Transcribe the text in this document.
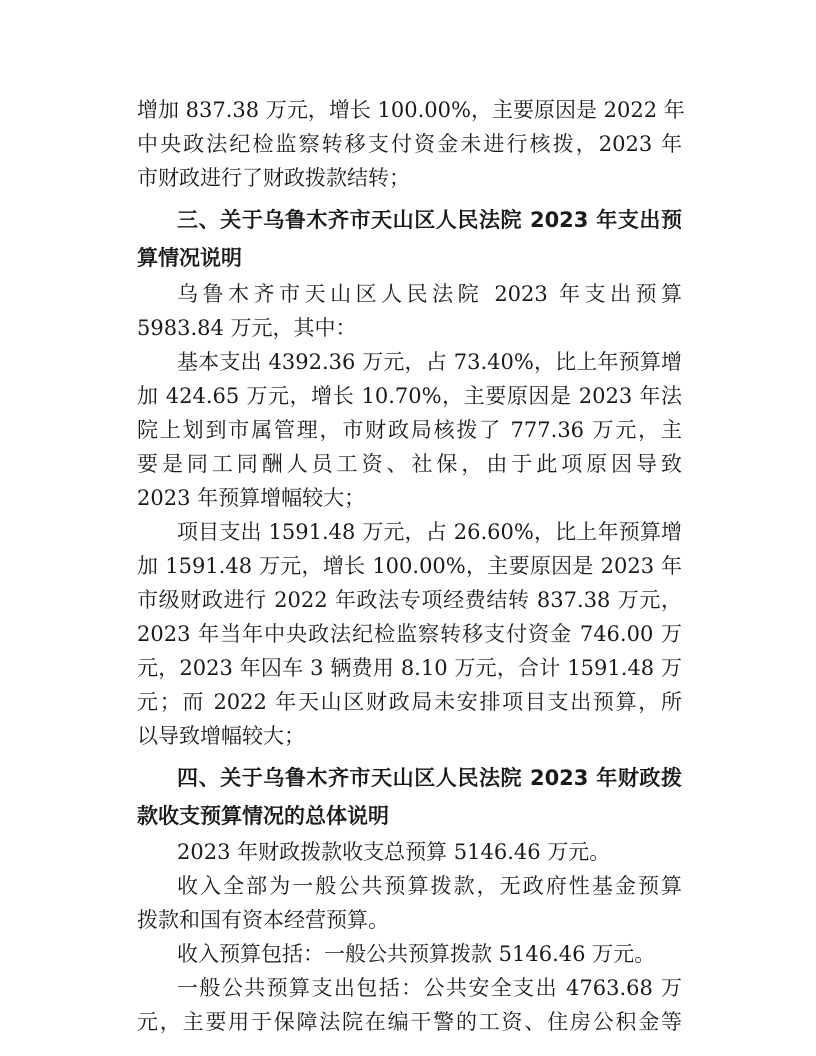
增加 837.38 万元，增长 100.00%，主要原因是 2022 年
中央政法纪检监察转移支付资金未进行核拨，2023 年
市财政进行了财政拨款结转；
三、关于乌鲁木齐市天山区人民法院 2023 年支出预
算情况说明
乌鲁木齐市天山区人民法院 2023 年支出预算
5983.84 万元，其中：
基本支出 4392.36 万元，占 73.40%，比上年预算增
加 424.65 万元，增长 10.70%，主要原因是 2023 年法
院上划到市属管理，市财政局核拨了 777.36 万元，主
要是同工同酬人员工资、社保，由于此项原因导致
2023 年预算增幅较大；
项目支出 1591.48 万元，占 26.60%，比上年预算增
加 1591.48 万元，增长 100.00%，主要原因是 2023 年
市级财政进行 2022 年政法专项经费结转 837.38 万元，
2023 年当年中央政法纪检监察转移支付资金 746.00 万
元，2023 年囚车 3 辆费用 8.10 万元，合计 1591.48 万
元；而 2022 年天山区财政局未安排项目支出预算，所
以导致增幅较大；
四、关于乌鲁木齐市天山区人民法院 2023 年财政拨
款收支预算情况的总体说明
2023 年财政拨款收支总预算 5146.46 万元。
收入全部为一般公共预算拨款，无政府性基金预算
拨款和国有资本经营预算。
收入预算包括：一般公共预算拨款 5146.46 万元。
一般公共预算支出包括：公共安全支出 4763.68 万
元，主要用于保障法院在编干警的工资、住房公积金等
